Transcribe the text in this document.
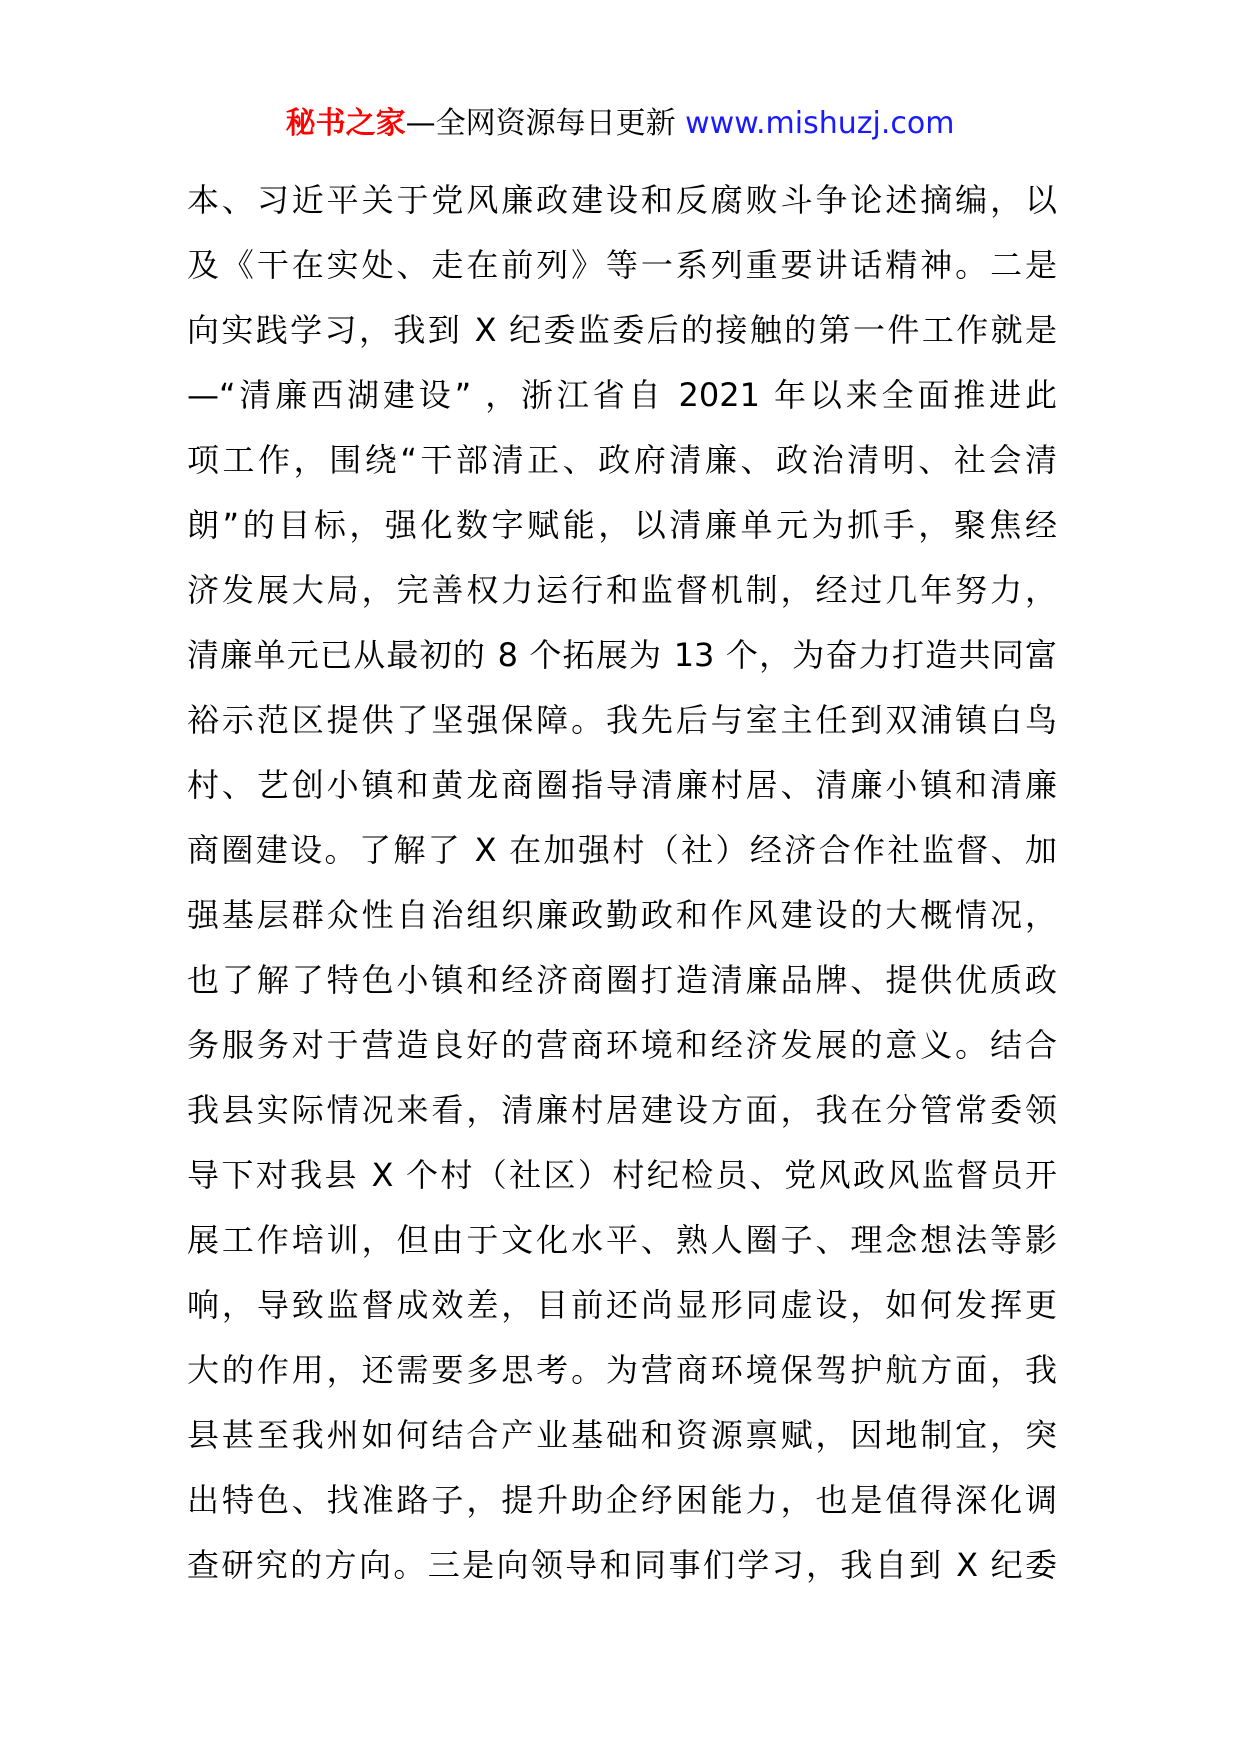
秘书之家—全网资源每日更新 www.mishuzj.com
本、习近平关于党风廉政建设和反腐败斗争论述摘编，以
及《干在实处、走在前列》等一系列重要讲话精神。二是
向实践学习，我到 X 纪委监委后的接触的第一件工作就是
—“清廉西湖建设” ，浙江省自 2021 年以来全面推进此
项工作，围绕“干部清正、政府清廉、政治清明、社会清
朗”的目标，强化数字赋能，以清廉单元为抓手，聚焦经
济发展大局，完善权力运行和监督机制，经过几年努力，
清廉单元已从最初的 8 个拓展为 13 个，为奋力打造共同富
裕示范区提供了坚强保障。我先后与室主任到双浦镇白鸟
村、艺创小镇和黄龙商圈指导清廉村居、清廉小镇和清廉
商圈建设。了解了 X 在加强村（社）经济合作社监督、加
强基层群众性自治组织廉政勤政和作风建设的大概情况，
也了解了特色小镇和经济商圈打造清廉品牌、提供优质政
务服务对于营造良好的营商环境和经济发展的意义。结合
我县实际情况来看，清廉村居建设方面，我在分管常委领
导下对我县 X 个村（社区）村纪检员、党风政风监督员开
展工作培训，但由于文化水平、熟人圈子、理念想法等影
响，导致监督成效差，目前还尚显形同虚设，如何发挥更
大的作用，还需要多思考。为营商环境保驾护航方面，我
县甚至我州如何结合产业基础和资源禀赋，因地制宜，突
出特色、找准路子，提升助企纾困能力，也是值得深化调
查研究的方向。三是向领导和同事们学习，我自到 X 纪委
